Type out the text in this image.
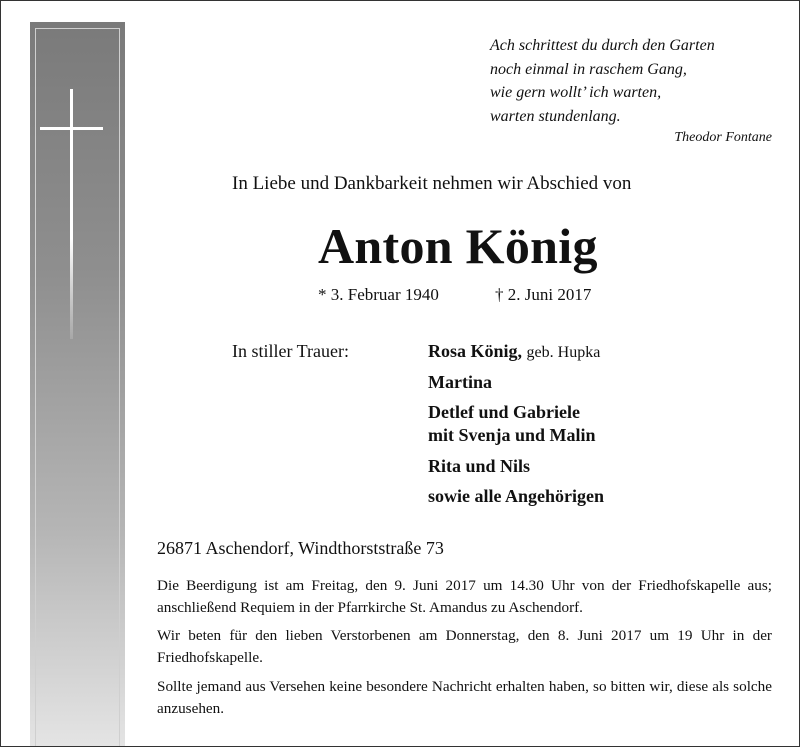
Ach schrittest du durch den Garten
noch einmal in raschem Gang,
wie gern wollt’ ich warten,
warten stundenlang.
Theodor Fontane
In Liebe und Dankbarkeit nehmen wir Abschied von
Anton König
* 3. Februar 1940	† 2. Juni 2017
In stiller Trauer:	Rosa König, geb. Hupka
Martina
Detlef und Gabriele
mit Svenja und Malin
Rita und Nils
sowie alle Angehörigen
26871 Aschendorf, Windthorststraße 73
Die Beerdigung ist am Freitag, den 9. Juni 2017 um 14.30 Uhr von der Friedhofskapelle aus; anschließend Requiem in der Pfarrkirche St. Amandus zu Aschendorf.
Wir beten für den lieben Verstorbenen am Donnerstag, den 8. Juni 2017 um 19 Uhr in der Friedhofskapelle.
Sollte jemand aus Versehen keine besondere Nachricht erhalten haben, so bitten wir, diese als solche anzusehen.
